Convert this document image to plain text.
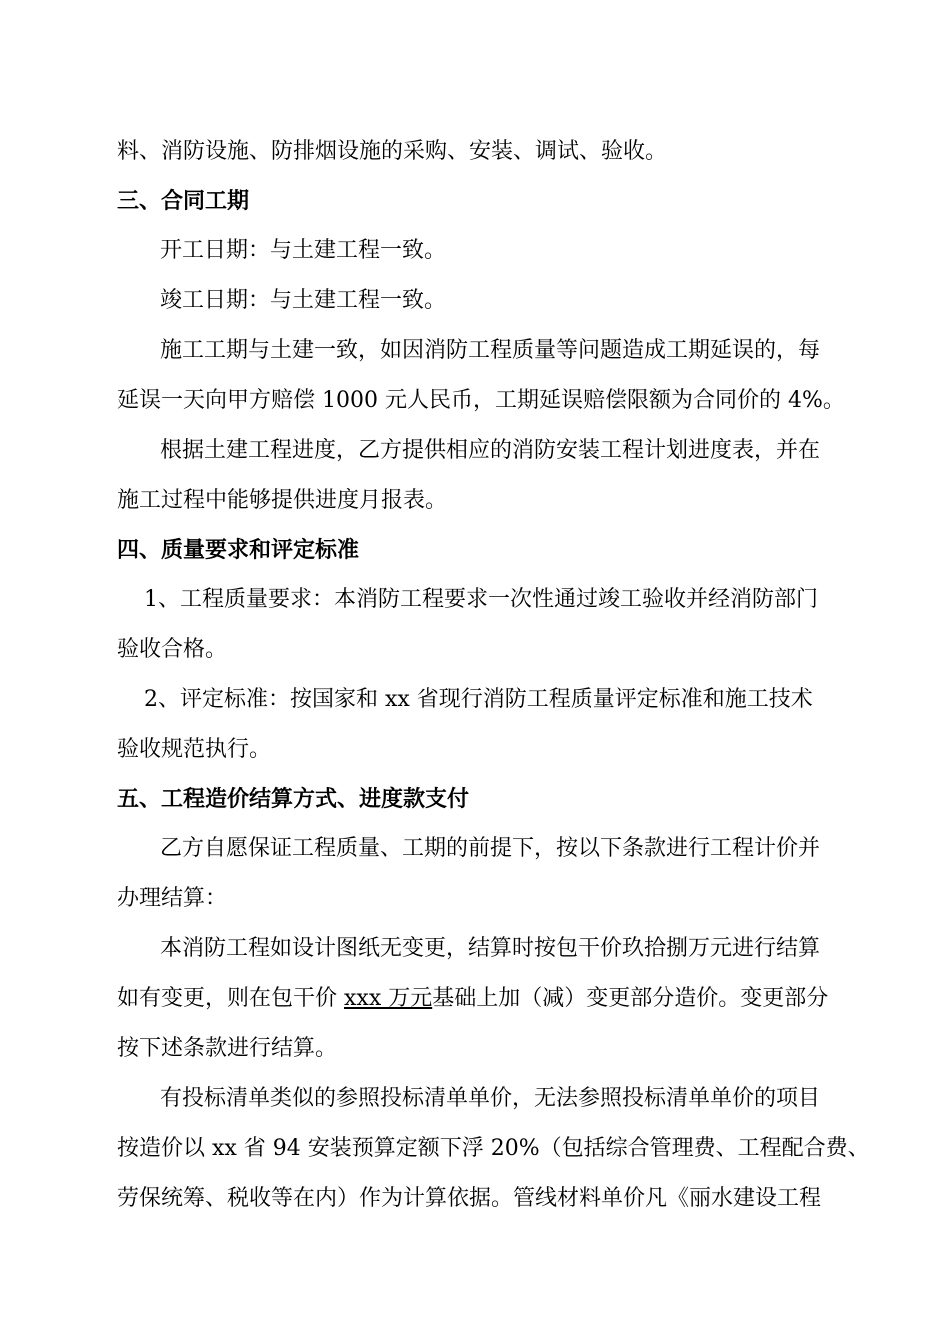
料、消防设施、防排烟设施的采购、安装、调试、验收。
三、合同工期
开工日期：与土建工程一致。
竣工日期：与土建工程一致。
施工工期与土建一致，如因消防工程质量等问题造成工期延误的，每
延误一天向甲方赔偿 1000 元人民币，工期延误赔偿限额为合同价的 4%。
根据土建工程进度，乙方提供相应的消防安装工程计划进度表，并在
施工过程中能够提供进度月报表。
四、质量要求和评定标准
1、工程质量要求：本消防工程要求一次性通过竣工验收并经消防部门
验收合格。
2、评定标准：按国家和 xx 省现行消防工程质量评定标准和施工技术
验收规范执行。
五、工程造价结算方式、进度款支付
乙方自愿保证工程质量、工期的前提下，按以下条款进行工程计价并
办理结算：
本消防工程如设计图纸无变更，结算时按包干价玖拾捌万元进行结算
如有变更，则在包干价 xxx 万元基础上加（减）变更部分造价。变更部分
按下述条款进行结算。
有投标清单类似的参照投标清单单价，无法参照投标清单单价的项目
按造价以 xx 省 94 安装预算定额下浮 20%（包括综合管理费、工程配合费、
劳保统筹、税收等在内）作为计算依据。管线材料单价凡《丽水建设工程
